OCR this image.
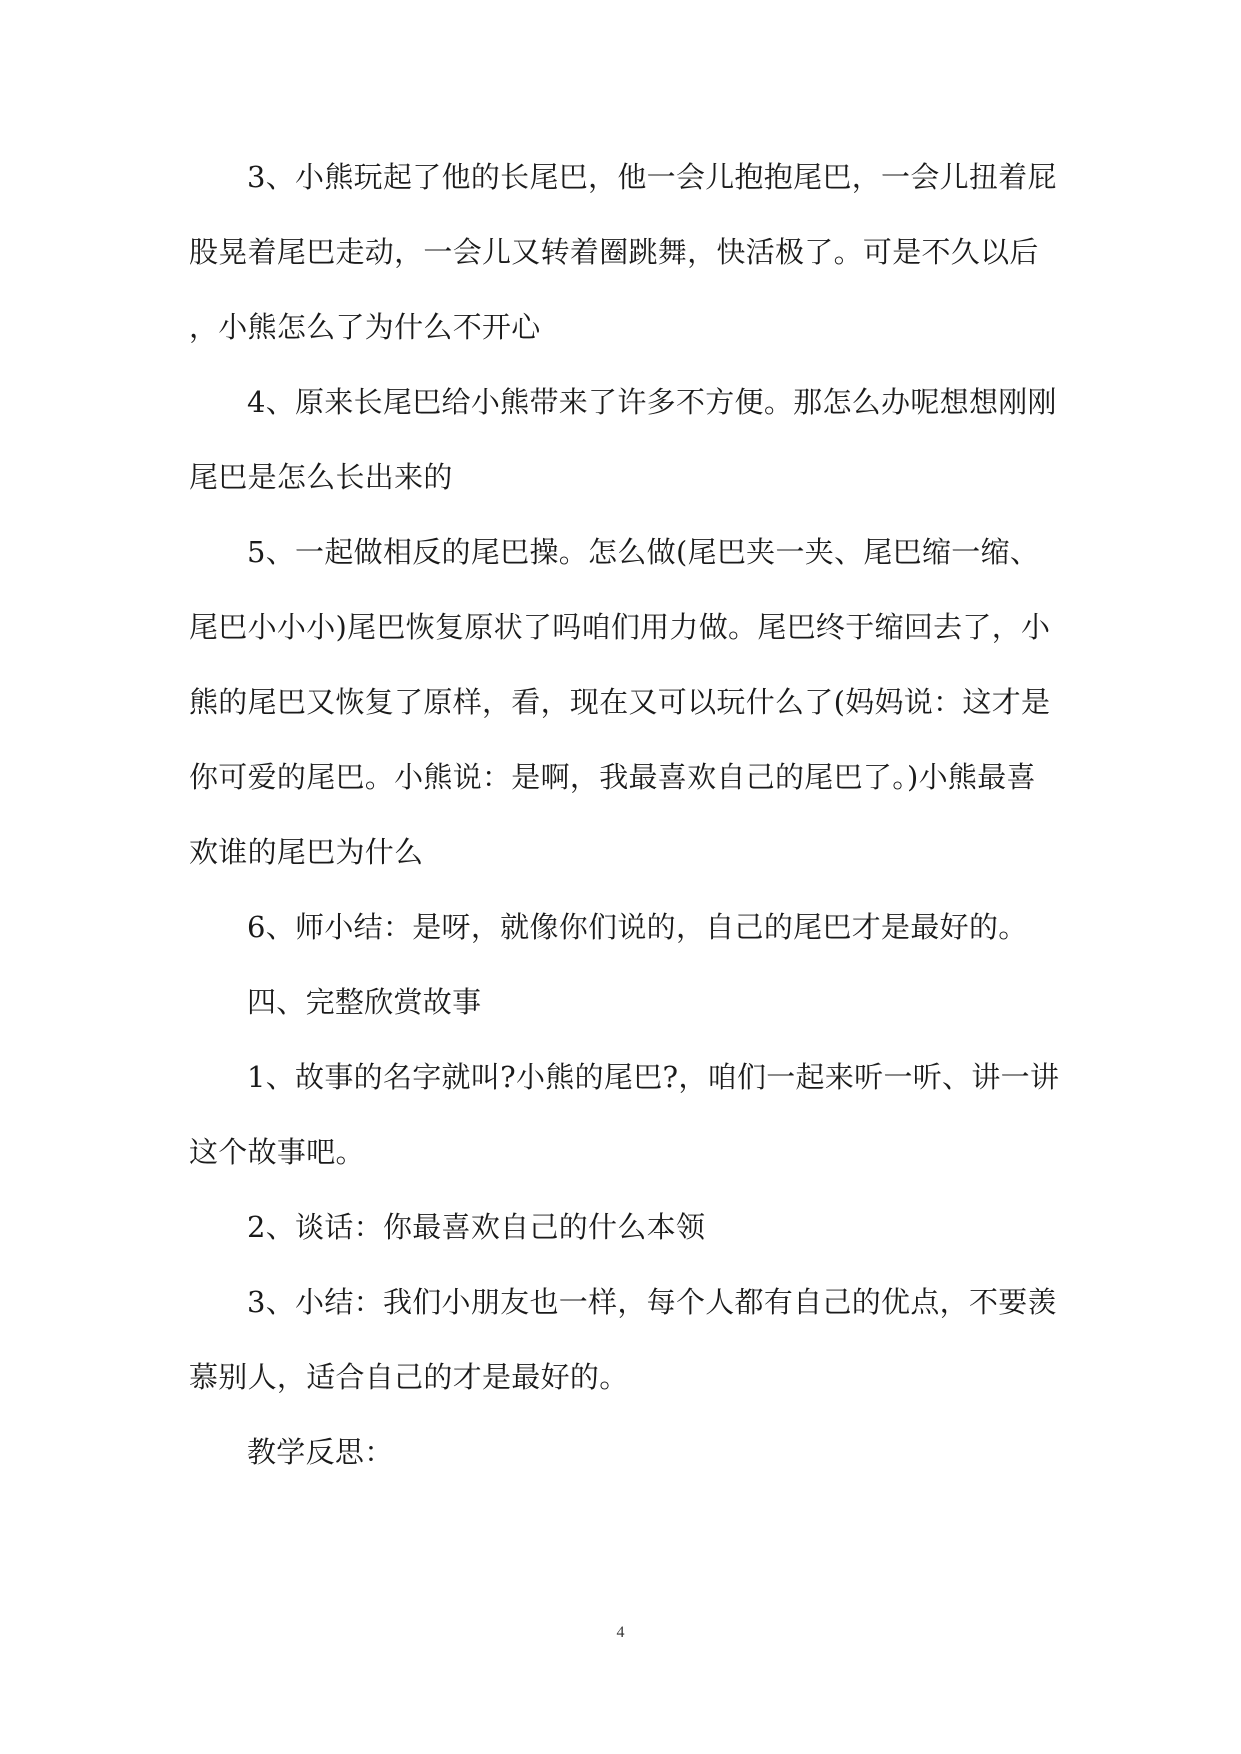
3、小熊玩起了他的长尾巴，他一会儿抱抱尾巴，一会儿扭着屁

股晃着尾巴走动，一会儿又转着圈跳舞，快活极了。可是不久以后

，小熊怎么了为什么不开心

4、原来长尾巴给小熊带来了许多不方便。那怎么办呢想想刚刚

尾巴是怎么长出来的

5、一起做相反的尾巴操。怎么做(尾巴夹一夹、尾巴缩一缩、

尾巴小小小)尾巴恢复原状了吗咱们用力做。尾巴终于缩回去了，小

熊的尾巴又恢复了原样，看，现在又可以玩什么了(妈妈说：这才是

你可爱的尾巴。小熊说：是啊，我最喜欢自己的尾巴了。)小熊最喜

欢谁的尾巴为什么

6、师小结：是呀，就像你们说的，自己的尾巴才是最好的。

四、完整欣赏故事

1、故事的名字就叫?小熊的尾巴?，咱们一起来听一听、讲一讲

这个故事吧。

2、谈话：你最喜欢自己的什么本领

3、小结：我们小朋友也一样，每个人都有自己的优点，不要羡

慕别人，适合自己的才是最好的。

教学反思：

4
